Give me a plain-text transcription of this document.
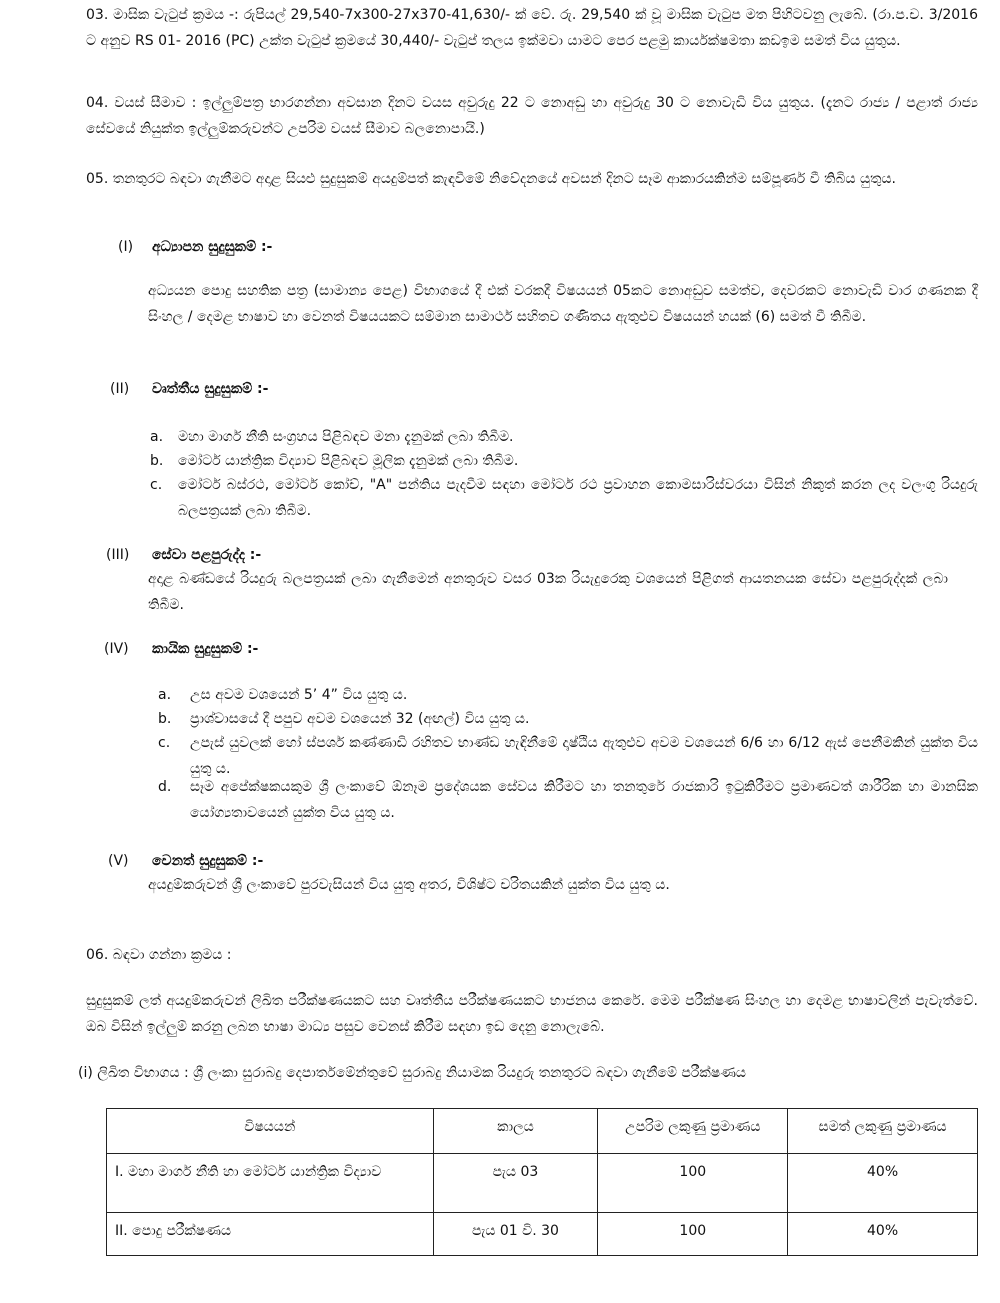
03. මාසික වැටුප් ක්‍රමය -: රුපියල් 29,540-7x300-27x370-41,630/- ක් වේ. රු. 29,540 ක් වූ මාසික වැටුප මත පිහිටවනු ලැබේ. (රා.ප.ච. 3/2016 ට අනුව RS 01- 2016 (PC) උක්ත වැටුප් ක්‍රමයේ 30,440/- වැටුප් තලය ඉක්මවා යාමට පෙර පළමු කාර්යක්ෂමතා කඩඉම සමත් විය යුතුය.
04. වයස් සීමාව : ඉල්ලුම්පත්‍ර භාරගන්නා අවසාන දිනට වයස අවුරුදු 22 ට නොඅඩු හා අවුරුදු 30 ට නොවැඩි විය යුතුය. (දැනට රාජ්‍ය / පළාත් රාජ්‍ය සේවයේ නියුක්ත ඉල්ලුම්කරුවන්ට උපරිම වයස් සීමාව බලනොපායි.)
05. තනතුරට බඳවා ගැනීමට අදාළ සියළු සුදුසුකම් අයදුම්පත් කැඳවීමේ නිවේදනයේ අවසන් දිනට සෑම ආකාරයකින්ම සම්පූර්ණ වී තිබිය යුතුය.
(I) අධ්‍යාපන සුදුසුකම් :-
අධ්‍යයන පොදු සහතික පත්‍ර (සාමාන්‍ය පෙළ) විභාගයේ දී එක් වරකදී විෂයයන් 05කට නොඅඩුව සමත්ව, දෙවරකට නොවැඩි වාර ගණනක දී සිංහල / දෙමළ භාෂාව හා වෙනත් විෂයයකට සම්මාන සාමාර්ථ සහිතව ගණිතය ඇතුළුව විෂයයන් හයක් (6) සමත් වී තිබීම.
(II) වෘත්තීය සුදුසුකම් :-
a. මහා මාර්ග නීති සංග්‍රහය පිළිබඳව මනා දැනුමක් ලබා තිබීම.
b. මෝටර් යාන්ත්‍රික විද්‍යාව පිළිබඳව මූලික දැනුමක් ලබා තිබීම.
c. මෝටර් බස්රථ, මෝටර් කෝච්, "A" පන්තිය පැදවීම සඳහා මෝටර් රථ ප්‍රවාහන කොමසාරිස්වරයා විසින් නිකුත් කරන ලද වලංගු රියදුරු බලපත්‍රයක් ලබා තිබීම.
(III) සේවා පළපුරුද්ද :-
අදාළ බණ්ඩයේ රියදුරු බලපත්‍රයක් ලබා ගැනීමෙන් අනතුරුව වසර 03ක රියැදුරෙකු වශයෙන් පිළිගත් ආයතනයක සේවා පළපුරුද්දක් ලබා තිබීම.
(IV) කායික සුදුසුකම් :-
a. උස අවම වශයෙන් 5’ 4” විය යුතු ය.
b. ප්‍රාශ්වාසයේ දී පපුව අවම වශයෙන් 32 (අඟල්) විය යුතු ය.
c. උපැස් යුවලක් හෝ ස්පර්ශ කණ්ණාඩි රහිතව භාණ්ඩ හැඳිනීමේ දෘෂ්ඨිය ඇතුළුව අවම වශයෙන් 6/6 හා 6/12 ඇස් පෙනීමකින් යුක්ත විය යුතු ය.
d. සෑම අපේක්ෂකයකුම ශ්‍රී ලංකාවේ ඕනෑම ප්‍රදේශයක සේවය කිරීමට හා තනතුරේ රාජකාරි ඉටුකිරීමට ප්‍රමාණවත් ශාරීරික හා මානසික යෝග්‍යතාවයෙන් යුක්ත විය යුතු ය.
(V) වෙනත් සුදුසුකම් :-
අයදුම්කරුවන් ශ්‍රී ලංකාවේ පුරවැසියන් විය යුතු අතර, විශිෂ්ට චරිතයකින් යුක්ත විය යුතු ය.
06. බඳවා ගන්නා ක්‍රමය :
සුදුසුකම් ලත් අයදුම්කරුවන් ලිඛිත පරීක්ෂණයකට සහ වෘත්තීය පරීක්ෂණයකට භාජනය කෙරේ. මෙම පරීක්ෂණ සිංහල හා දෙමළ භාෂාවලින් පැවැත්වේ. ඔබ විසින් ඉල්ලුම් කරනු ලබන භාෂා මාධ්‍ය පසුව වෙනස් කිරීම සඳහා ඉඩ දෙනු නොලැබේ.
(i) ලිඛිත විභාගය : ශ්‍රී ලංකා සුරාබදු දෙපාර්තමේන්තුවේ සුරාබදු නියාමක රියදුරු තනතුරට බඳවා ගැනීමේ පරීක්ෂණය
විෂයයන්	කාලය	උපරිම ලකුණු ප්‍රමාණය	සමත් ලකුණු ප්‍රමාණය
I. මහා මාර්ග නීති හා මෝටර් යාන්ත්‍රික විද්‍යාව	පැය 03	100	40%
II. පොදු පරීක්ෂණය	පැය 01 වි. 30	100	40%
